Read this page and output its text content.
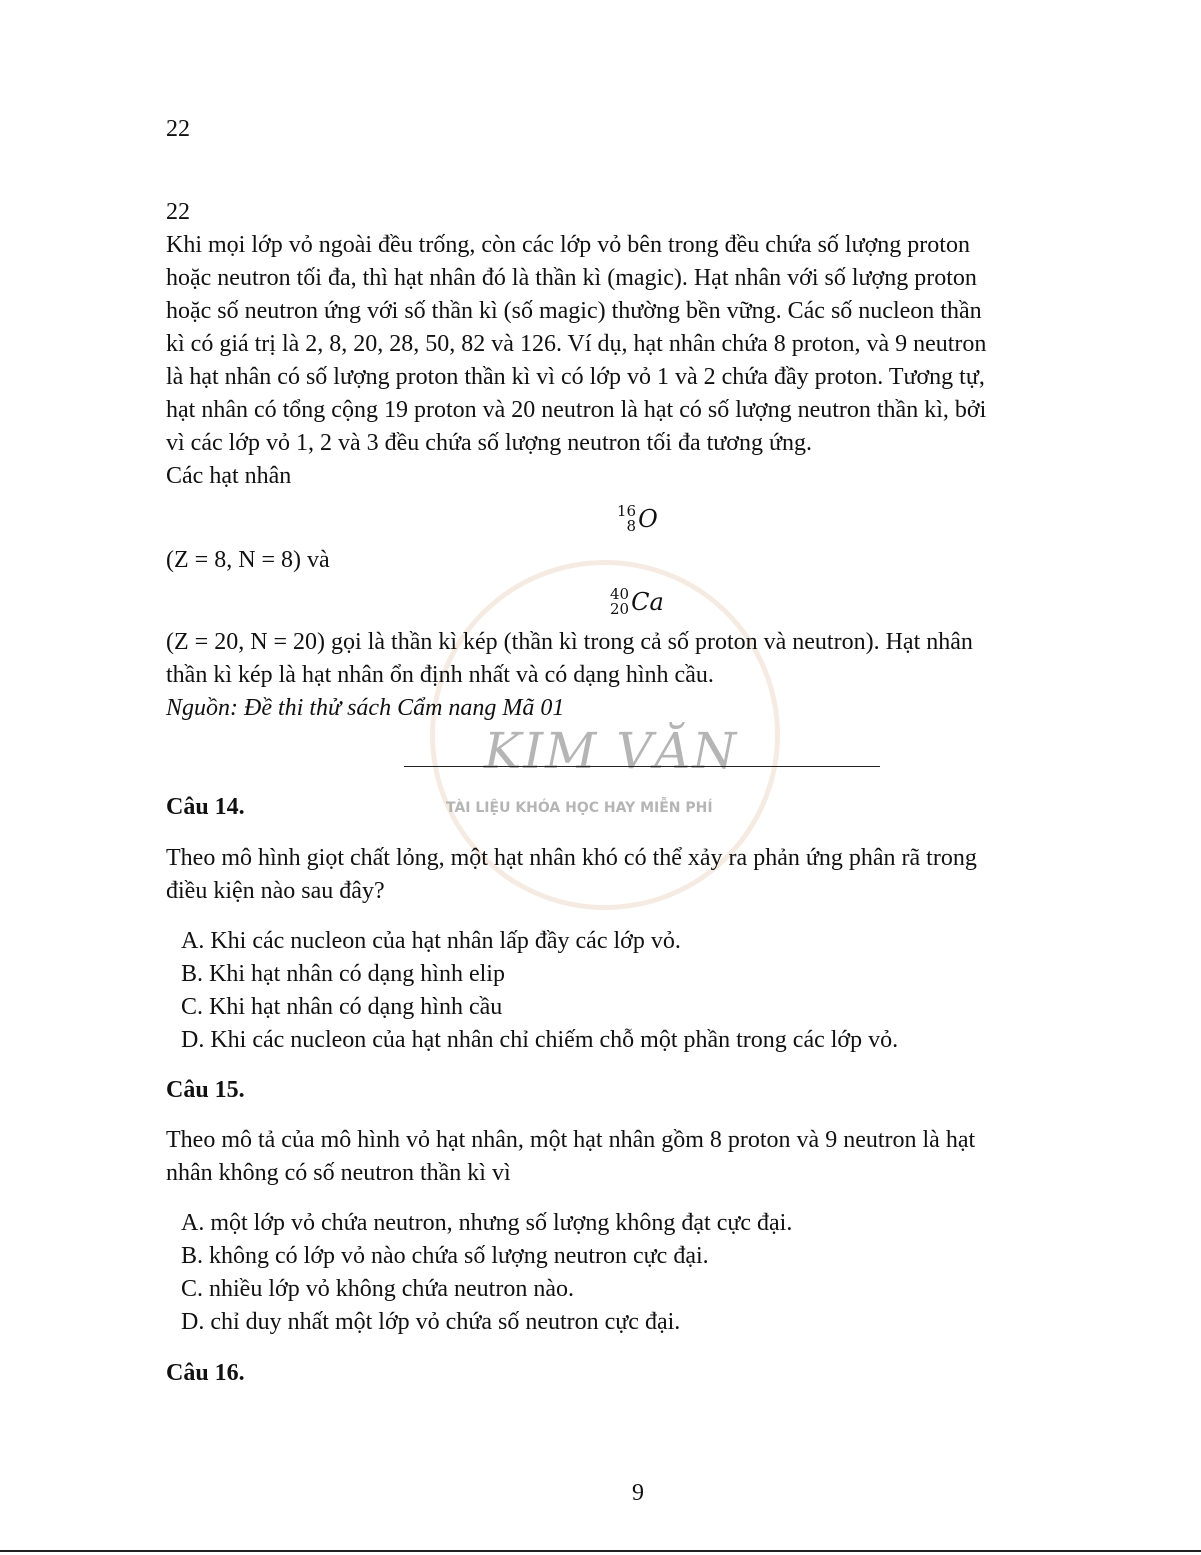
KIM VĂN
TÀI LIỆU KHÓA HỌC HAY MIỄN PHÍ
22
22
Khi mọi lớp vỏ ngoài đều trống, còn các lớp vỏ bên trong đều chứa số lượng proton
hoặc neutron tối đa, thì hạt nhân đó là thần kì (magic). Hạt nhân với số lượng proton
hoặc số neutron ứng với số thần kì (số magic) thường bền vững. Các số nucleon thần
kì có giá trị là 2, 8, 20, 28, 50, 82 và 126. Ví dụ, hạt nhân chứa 8 proton, và 9 neutron
là hạt nhân có số lượng proton thần kì vì có lớp vỏ 1 và 2 chứa đầy proton. Tương tự,
hạt nhân có tổng cộng 19 proton và 20 neutron là hạt có số lượng neutron thần kì, bởi
vì các lớp vỏ 1, 2 và 3 đều chứa số lượng neutron tối đa tương ứng.
Các hạt nhân
16
8 O
(Z = 8, N = 8) và
40
20 Ca
(Z = 20, N = 20) gọi là thần kì kép (thần kì trong cả số proton và neutron). Hạt nhân
thần kì kép là hạt nhân ổn định nhất và có dạng hình cầu.
Nguồn: Đề thi thử sách Cẩm nang Mã 01
Câu 14.
Theo mô hình giọt chất lỏng, một hạt nhân khó có thể xảy ra phản ứng phân rã trong
điều kiện nào sau đây?
A. Khi các nucleon của hạt nhân lấp đầy các lớp vỏ.
B. Khi hạt nhân có dạng hình elip
C. Khi hạt nhân có dạng hình cầu
D. Khi các nucleon của hạt nhân chỉ chiếm chỗ một phần trong các lớp vỏ.
Câu 15.
Theo mô tả của mô hình vỏ hạt nhân, một hạt nhân gồm 8 proton và 9 neutron là hạt
nhân không có số neutron thần kì vì
A. một lớp vỏ chứa neutron, nhưng số lượng không đạt cực đại.
B. không có lớp vỏ nào chứa số lượng neutron cực đại.
C. nhiều lớp vỏ không chứa neutron nào.
D. chỉ duy nhất một lớp vỏ chứa số neutron cực đại.
Câu 16.
9
